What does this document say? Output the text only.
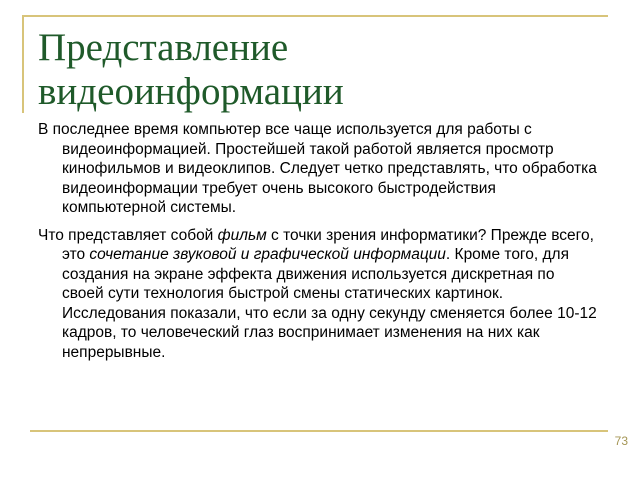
Представление
видеоинформации

В последнее время компьютер все чаще используется для работы с видеоинформацией. Простейшей такой работой является просмотр кинофильмов и видеоклипов. Следует четко представлять, что обработка видеоинформации требует очень высокого быстродействия компьютерной системы.

Что представляет собой фильм с точки зрения информатики? Прежде всего, это сочетание звуковой и графической информации. Кроме того, для создания на экране эффекта движения используется дискретная по своей сути технология быстрой смены статических картинок. Исследования показали, что если за одну секунду сменяется более 10-12 кадров, то человеческий глаз воспринимает изменения на них как непрерывные.

73
